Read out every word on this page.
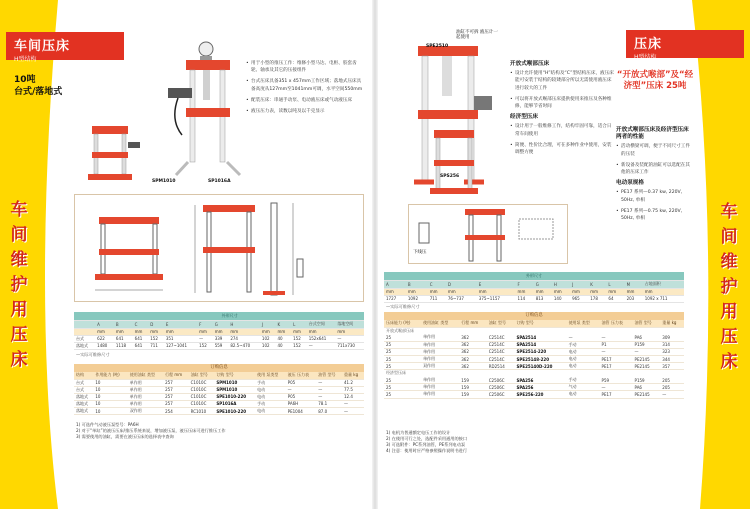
车间压床
H型结构
10吨
台式/落地式
车间维护用压床
SPM1010	SP1016A
• 用于小型的推压工作：维修小型马达、电枢、胶套齿轮、轴承及其它的压接组件
• 台式压床具备351 x 457mm工作区域；落地式压床具备高度从127mm至1041mm可调，水平空间550mm
• 配装压床：串通手动泵、电动液压床或气动液压床
• 液压压力表，读数以吨及以千克显示
	外形尺寸												
	A	B	C	D	E	F	G	H	J	K	L	台式空间	落地空间
	mm	mm	mm	mm	mm	mm	mm	mm	mm	mm	mm	mm	mm
台式	622	641	641	152	351	—	339	274	102	40	152	152x641	—
落地式	1480	1118	641	711	127~1041	152	559	82.5~470	102	40	152	—	711x730
—实际可维修尺寸
订购信息
结构	作用能力 (吨)	使用油缸 类型	行程 mm	油缸 型号	订购 型号	使用 泵类型	液压 压力表	油管 型号	重量 kg
台式	10	单作用	257	C1010C	SPM1010	手动	P05	—	41.2
台式	10	单作用	257	C1010C	SPM1010	电动	—	—	77.5
落地式	10	单作用	257	C1010C	SPE1010-220	电动	P05	—	12.4
落地式	10	单作用	257	C1010C	SP1016A	手动	PA6H	78.1	—
落地式	10	双作用	254	RC1010	SPE1010-220	电动	PE1004	87.0	—
1) 可选件气动液压泵型号：PA6H
2) 对于“单缸”的液压压床/推压系统来说，增加液压泵，液压压床可进行推压工作
3) 需要使用的油缸，需要在液压压床的选择表中查询
压床
H型结构
“开放式喉部”及“经济型”压床 25吨
车间维护用压床
SPE2510
油缸不可拆 液压计一起使用
SPS256
开放式喉部压床
• 设计允许使用“H”结构及“C”型结构压床，液压床能可安装于结构的较矮部分所以无需使用液压床进行较大的工件
• 可以将开放式喉部压床提供使用来推压及各种维修，能够节省时间
经济型压床
• 设计用于一般维修工作，结构牢固可靠，适合日常车间使用
• 简便、性价比合理，可在多种作业中使用，安装调整方便
开放式喉部压床及经济型压床两者的性能
• 活动横梁可调，便于不同尺寸工件的压装
• 新设备及装配的油缸可以选配在其他的压床工作
电动泵规格
• PE17 系列—0.37 kw, 220V, 50Hz, 单相
• PE17 系列—0.75 kw, 220V, 50Hz, 单相
下线压
外形尺寸												
A	B	C	D	E	F	G	H	J	K	L	M	占地面积
mm	mm	mm	mm	mm	mm	mm	mm	mm	mm	mm	mm	mm
1727	1092	711	76~737	375~1157	114	813	140	965	178	64	203	1092 x 711
—实际可维修尺寸
订购信息
压床能力 (吨)	使用油缸 类型	行程 mm	油缸 型号	订购 型号	使用泵 类型	油管 压力表	油管 型号	重量 kg
开放式喉部压床								
25	单作用	362	C2514C	SPA2514	—	—	PA6	309
25	单作用	362	C2514C	SPA2514	手动	P1	P159	314
25	单作用	362	C2514C	SPE2514-220	电动	—	—	323
25	单作用	362	C2514C	SPE25148-220	电动	PE17	PE2145	344
25	双作用	362	RD2514	SPE25140D-220	电动	PE17	PE2145	357
经济型压床								
25	单作用	159	C2506C	SPA256	手动	P59	P159	205
25	单作用	159	C2506C	SPA256	气动	—	PA6	205
25	单作用	159	C2506C	SPE256-220	电动	PE17	PE2145	—
1) 电机为普通额定电压工作的设计
2) 在使用可行之处，选配件采用通用的接口
3) 可选附件：PC系列油管，PE系列电动泵
4) 注意：使用时应严格参照操作说明书进行
